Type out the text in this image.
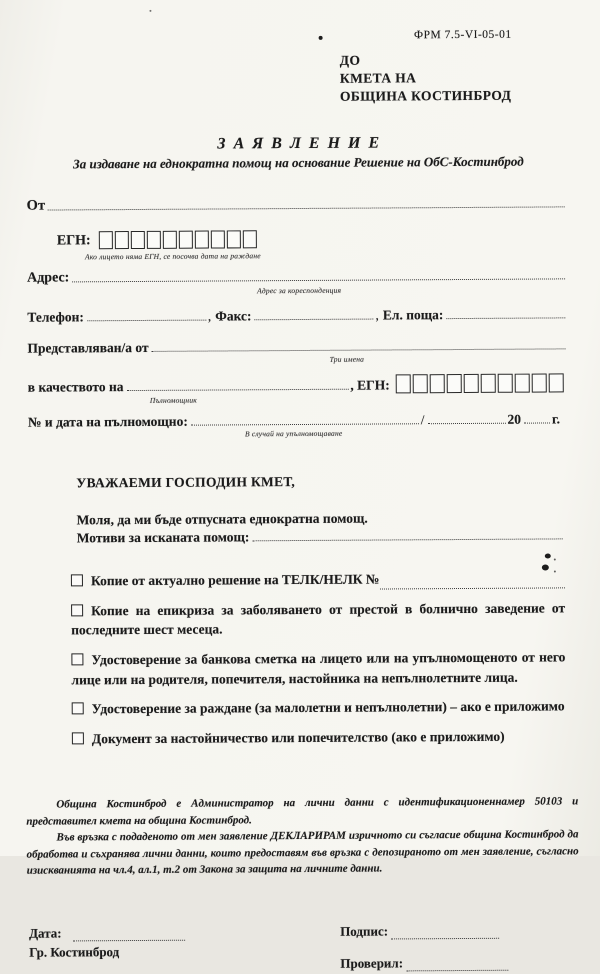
ФРМ 7.5-VI-05-01
ДО
КМЕТА НА
ОБЩИНА КОСТИНБРОД
ЗАЯВЛЕНИЕ
За издаване на еднократна помощ на основание Решение на ОбС-Костинброд
От
ЕГН:
Ако лицето няма ЕГН, се посочва дата на раждане
Адрес:
Адрес за кореспонденция
Телефон:	, Факс:	, Ел. поща:
Представляван/а от
Три имена
в качеството на	, ЕГН:
Пълномощник
№ и дата на пълномощно:	/	20 г.
В случай на упълномощаване
УВАЖАЕМИ ГОСПОДИН КМЕТ,
Моля, да ми бъде отпусната еднократна помощ.
Мотиви за исканата помощ:
Копие от актуално решение на ТЕЛК/НЕЛК №
Копие на епикриза за заболяването от престой в болнично заведение от последните шест месеца.
Удостоверение за банкова сметка на лицето или на упълномощеното от него лице или на родителя, попечителя, настойника на непълнолетните лица.
Удостоверение за раждане (за малолетни и непълнолетни) – ако е приложимо
Документ за настойничество или попечителство (ако е приложимо)

Община Костинброд е Администратор на лични данни с идентификационеннамер 50103 и представител кмета на община Костинброд.

Във връзка с подаденото от мен заявление ДЕКЛАРИРАМ изричното си съгласие община Костинброд да обработва и съхранява лични данни, които предоставям във връзка с депозираното от мен заявление, съгласно изискванията на чл.4, ал.1, т.2 от Закона за защита на личните данни.

Дата:
Гр. Костинброд
Подпис:
Проверил:
